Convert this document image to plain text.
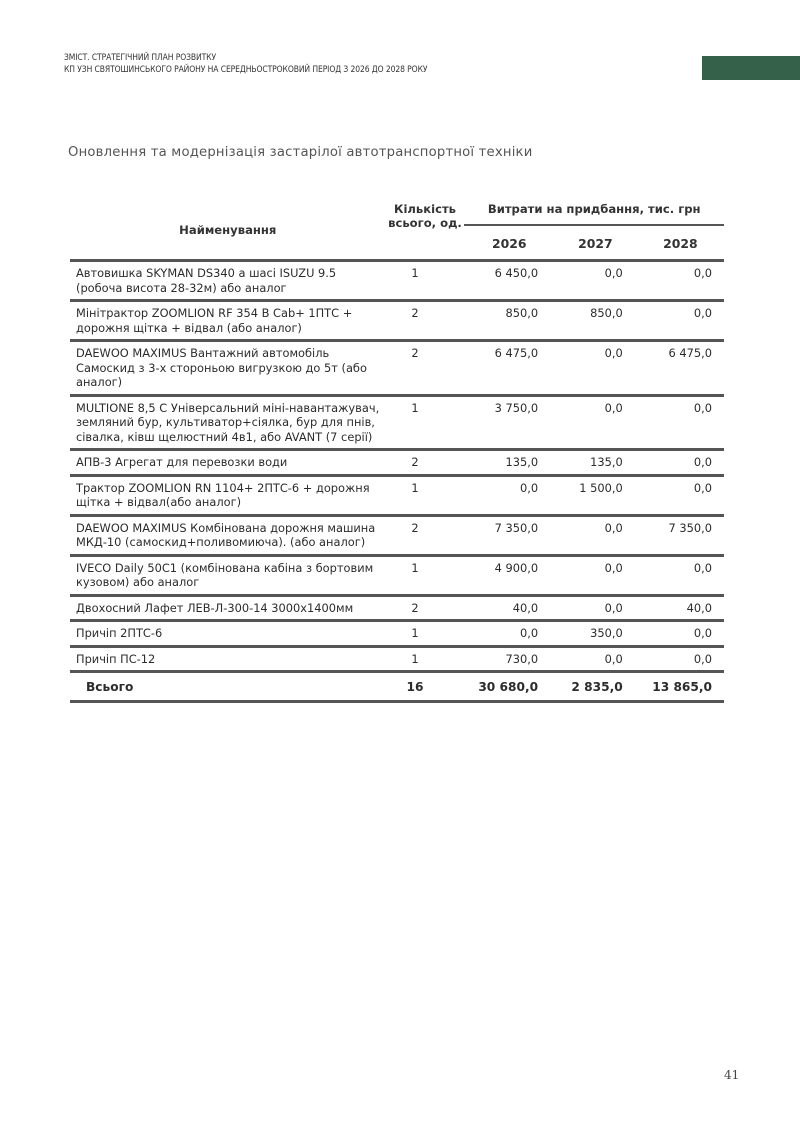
ЗМІСТ. СТРАТЕГІЧНИЙ ПЛАН РОЗВИТКУ
КП УЗН СВЯТОШИНСЬКОГО РАЙОНУ НА СЕРЕДНЬОСТРОКОВИЙ ПЕРІОД З 2026 ДО 2028 РОКУ
Оновлення та модернізація застарілої автотранспортної техніки
Найменування	Кількість всього, од.	Витрати на придбання, тис. грн		
		2026	2027	2028
Автовишка SKYMAN DS340 а шасі ISUZU 9.5 (робоча висота 28-32м) або аналог	1	6 450,0	0,0	0,0
Мінітрактор ZOOMLION RF 354 B Cab+ 1ПТС + дорожня щітка + відвал (або аналог)	2	850,0	850,0	0,0
DAEWOO MAXIMUS Вантажний автомобіль Самоскид з 3-х стороньою вигрузкою до 5т (або аналог)	2	6 475,0	0,0	6 475,0
MULTIONE 8,5 С Універсальний міні-навантажувач, земляний бур, культиватор+сіялка, бур для пнів, сівалка, ківш щелюстний 4в1, або AVANT (7 серії)	1	3 750,0	0,0	0,0
АПВ-3 Агрегат для перевозки води	2	135,0	135,0	0,0
Трактор ZOOMLION RN 1104+ 2ПТС-6 + дорожня щітка + відвал(або аналог)	1	0,0	1 500,0	0,0
DAEWOO MAXIMUS Комбінована дорожня машина МКД-10 (самоскид+поливомиюча). (або аналог)	2	7 350,0	0,0	7 350,0
IVECO Daily 50C1 (комбінована кабіна з бортовим кузовом) або аналог	1	4 900,0	0,0	0,0
Двохосний Лафет ЛЕВ-Л-300-14 3000х1400мм	2	40,0	0,0	40,0
Причіп 2ПТС-6	1	0,0	350,0	0,0
Причіп ПС-12	1	730,0	0,0	0,0
Всього	16	30 680,0	2 835,0	13 865,0
41
